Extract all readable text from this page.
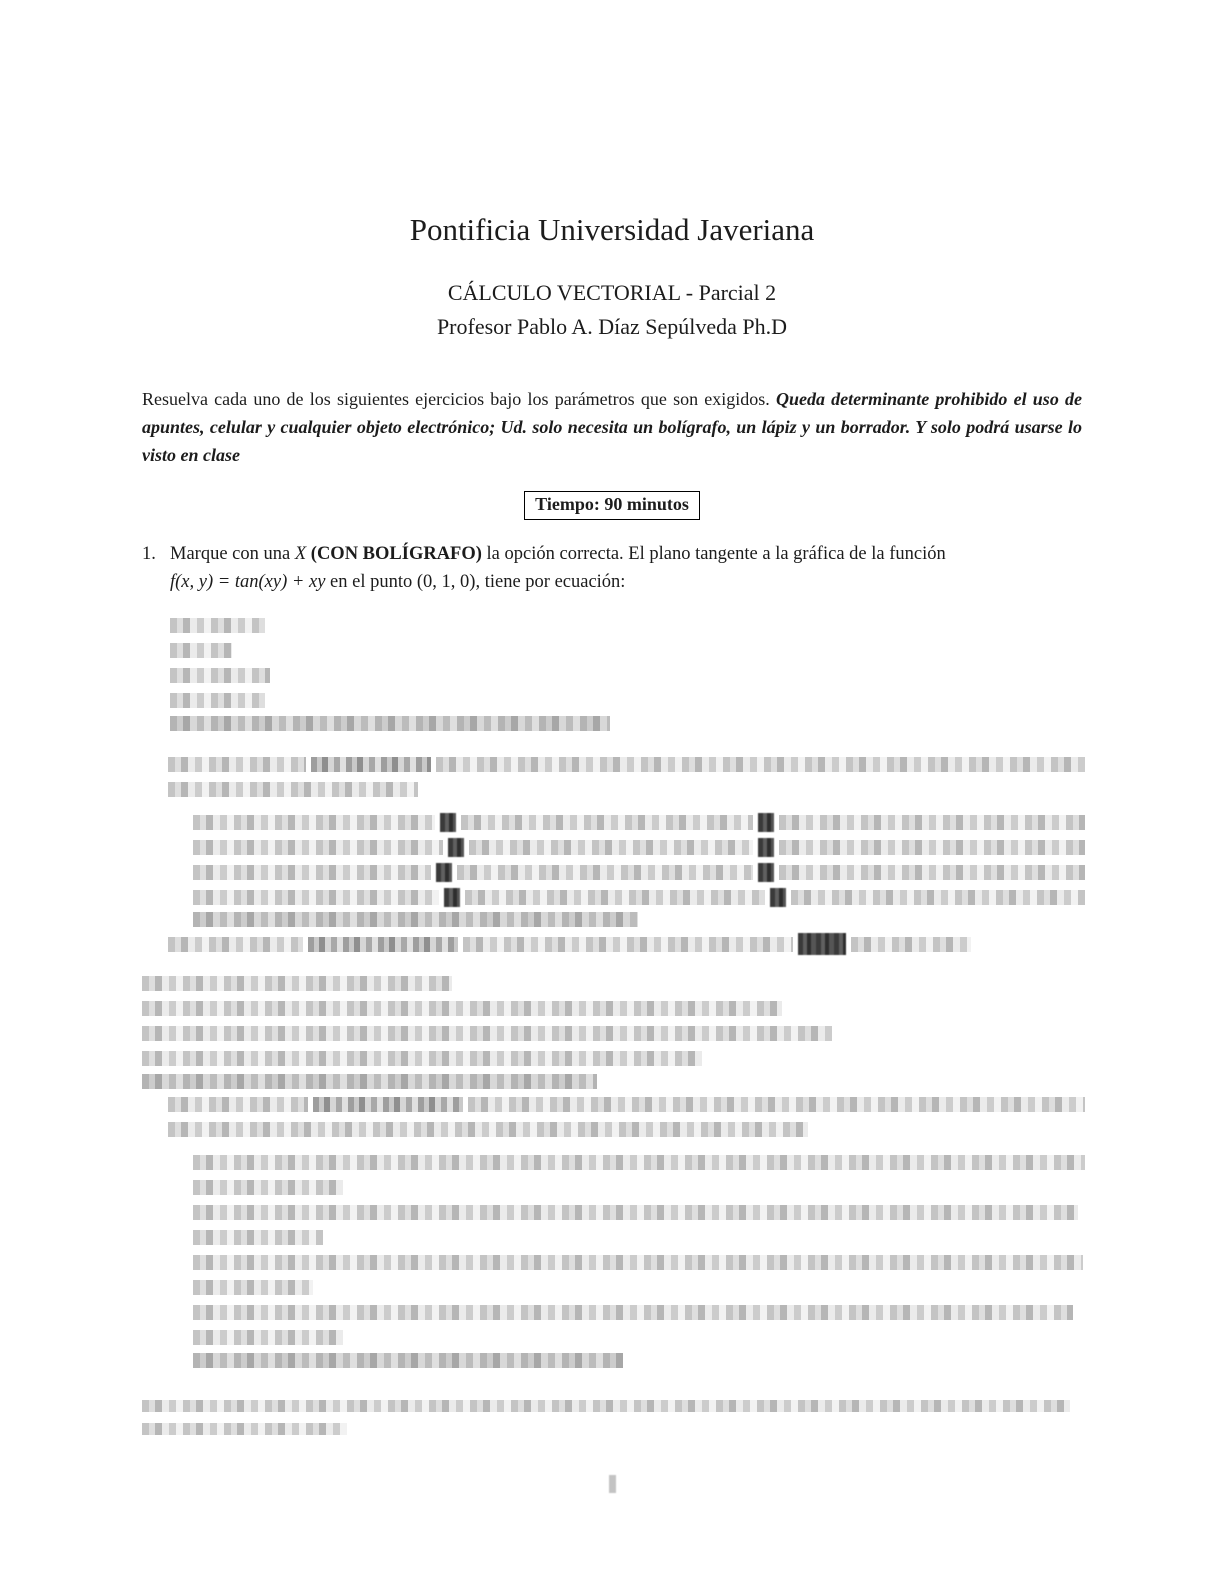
Pontificia Universidad Javeriana
CÁLCULO VECTORIAL - Parcial 2
Profesor Pablo A. Díaz Sepúlveda Ph.D

Resuelva cada uno de los siguientes ejercicios bajo los parámetros que son exigidos. Queda determinante prohibido el uso de apuntes, celular y cualquier objeto electrónico; Ud. solo necesita un bolígrafo, un lápiz y un borrador. Y solo podrá usarse lo visto en clase

Tiempo: 90 minutos
1. Marque con una X (CON BOLÍGRAFO) la opción correcta. El plano tangente a la gráfica de la función
f(x, y) = tan(xy) + xy en el punto (0, 1, 0), tiene por ecuación:
